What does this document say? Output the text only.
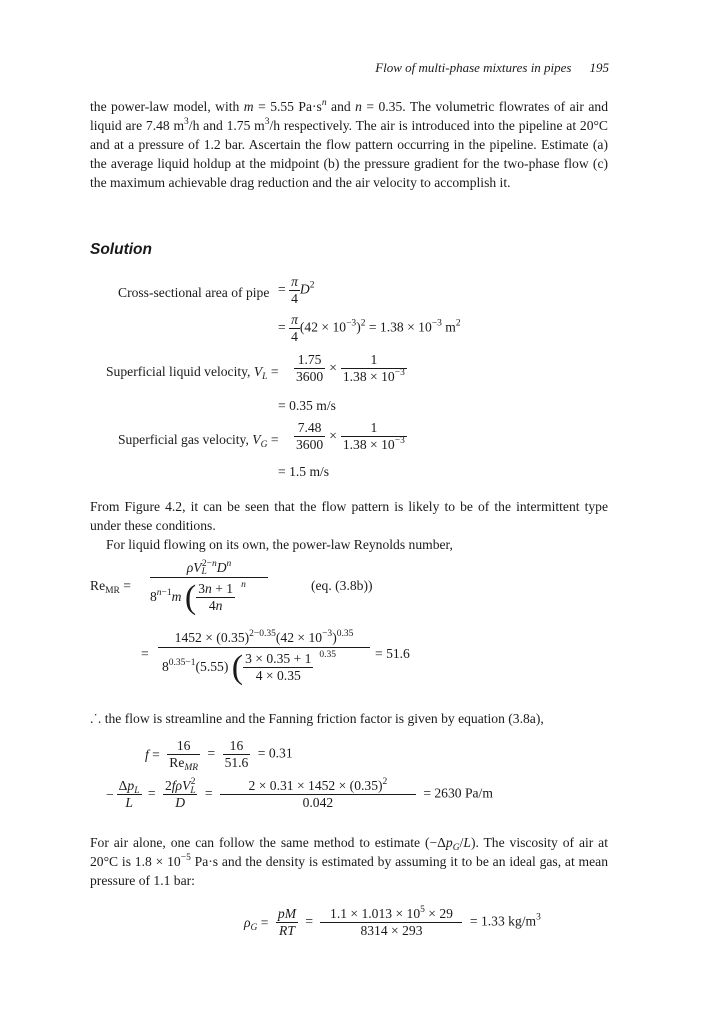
Flow of multi-phase mixtures in pipes 195

the power-law model, with m = 5.55 $Pa\cdot s^n$ and n = 0.35. The volumetric flowrates of air and liquid are 7.48 $m^3/h$ and 1.75 $m^3/h$ respectively. The air is introduced into the pipeline at 20°C and at a pressure of 1.2 bar. Ascertain the flow pattern occurring in the pipeline. Estimate (a) the average liquid holdup at the midpoint (b) the pressure gradient for the two-phase flow (c) the maximum achievable drag reduction and the air velocity to accomplish it.

Solution
Cross-sectional area of pipe = $\frac{\pi}{4} D^2$
= $\frac{\pi}{4} (42 \times 10^{-3})^2 = 1.38 \times 10^{-3}$ $m^2$
Superficial liquid velocity, $V_L = \frac{1.75}{3600} \times \frac{1}{1.38 \times 10^{-3}}$
= 0.35 m/s
Superficial gas velocity, $V_G = \frac{7.48}{3600} \times \frac{1}{1.38 \times 10^{-3}}$
= 1.5 m/s

From Figure 4.2, it can be seen that the flow pattern is likely to be of the intermittent type under these conditions.

For liquid flowing on its own, the power-law Reynolds number,

$Re_{MR}$ =
$\rho V_L^{2-n}D^n$
$8^{n-1}m$ ( $\frac{3n + 1}{4n} ^n$	(eq. (3.8b))
=
$1452 \times (0.35)^{2-0.35}(42 \times 10^{-3})^{0.35}$
$8^{0.35-1}(5.55)$ ( $\frac{3 \times 0.35 + 1}{4 \times 0.35} ^{0.35}$	= 51.6
.˙. the flow is streamline and the Fanning friction factor is given by equation (3.8a),
$f = \frac{16}{Re_{MR}} = \frac{16}{51.6} = 0.31$
− $\frac{\Delta p_L}{L} = \frac{2f\rho V_L^2}{D} = \frac{2 \times 0.31 \times 1452 \times (0.35)^2}{0.042} = 2630$ Pa/m

For air alone, one can follow the same method to estimate $(-\Delta p_G/L)$. The viscosity of air at 20°C is $1.8 \times 10^{-5}$ Pa·s and the density is estimated by assuming it to be an ideal gas, at mean pressure of 1.1 bar:

$\rho_G = \frac{pM}{RT} = \frac{1.1 \times 1.013 \times 10^5 \times 29}{8314 \times 293} = 1.33$ $kg/m^3$
